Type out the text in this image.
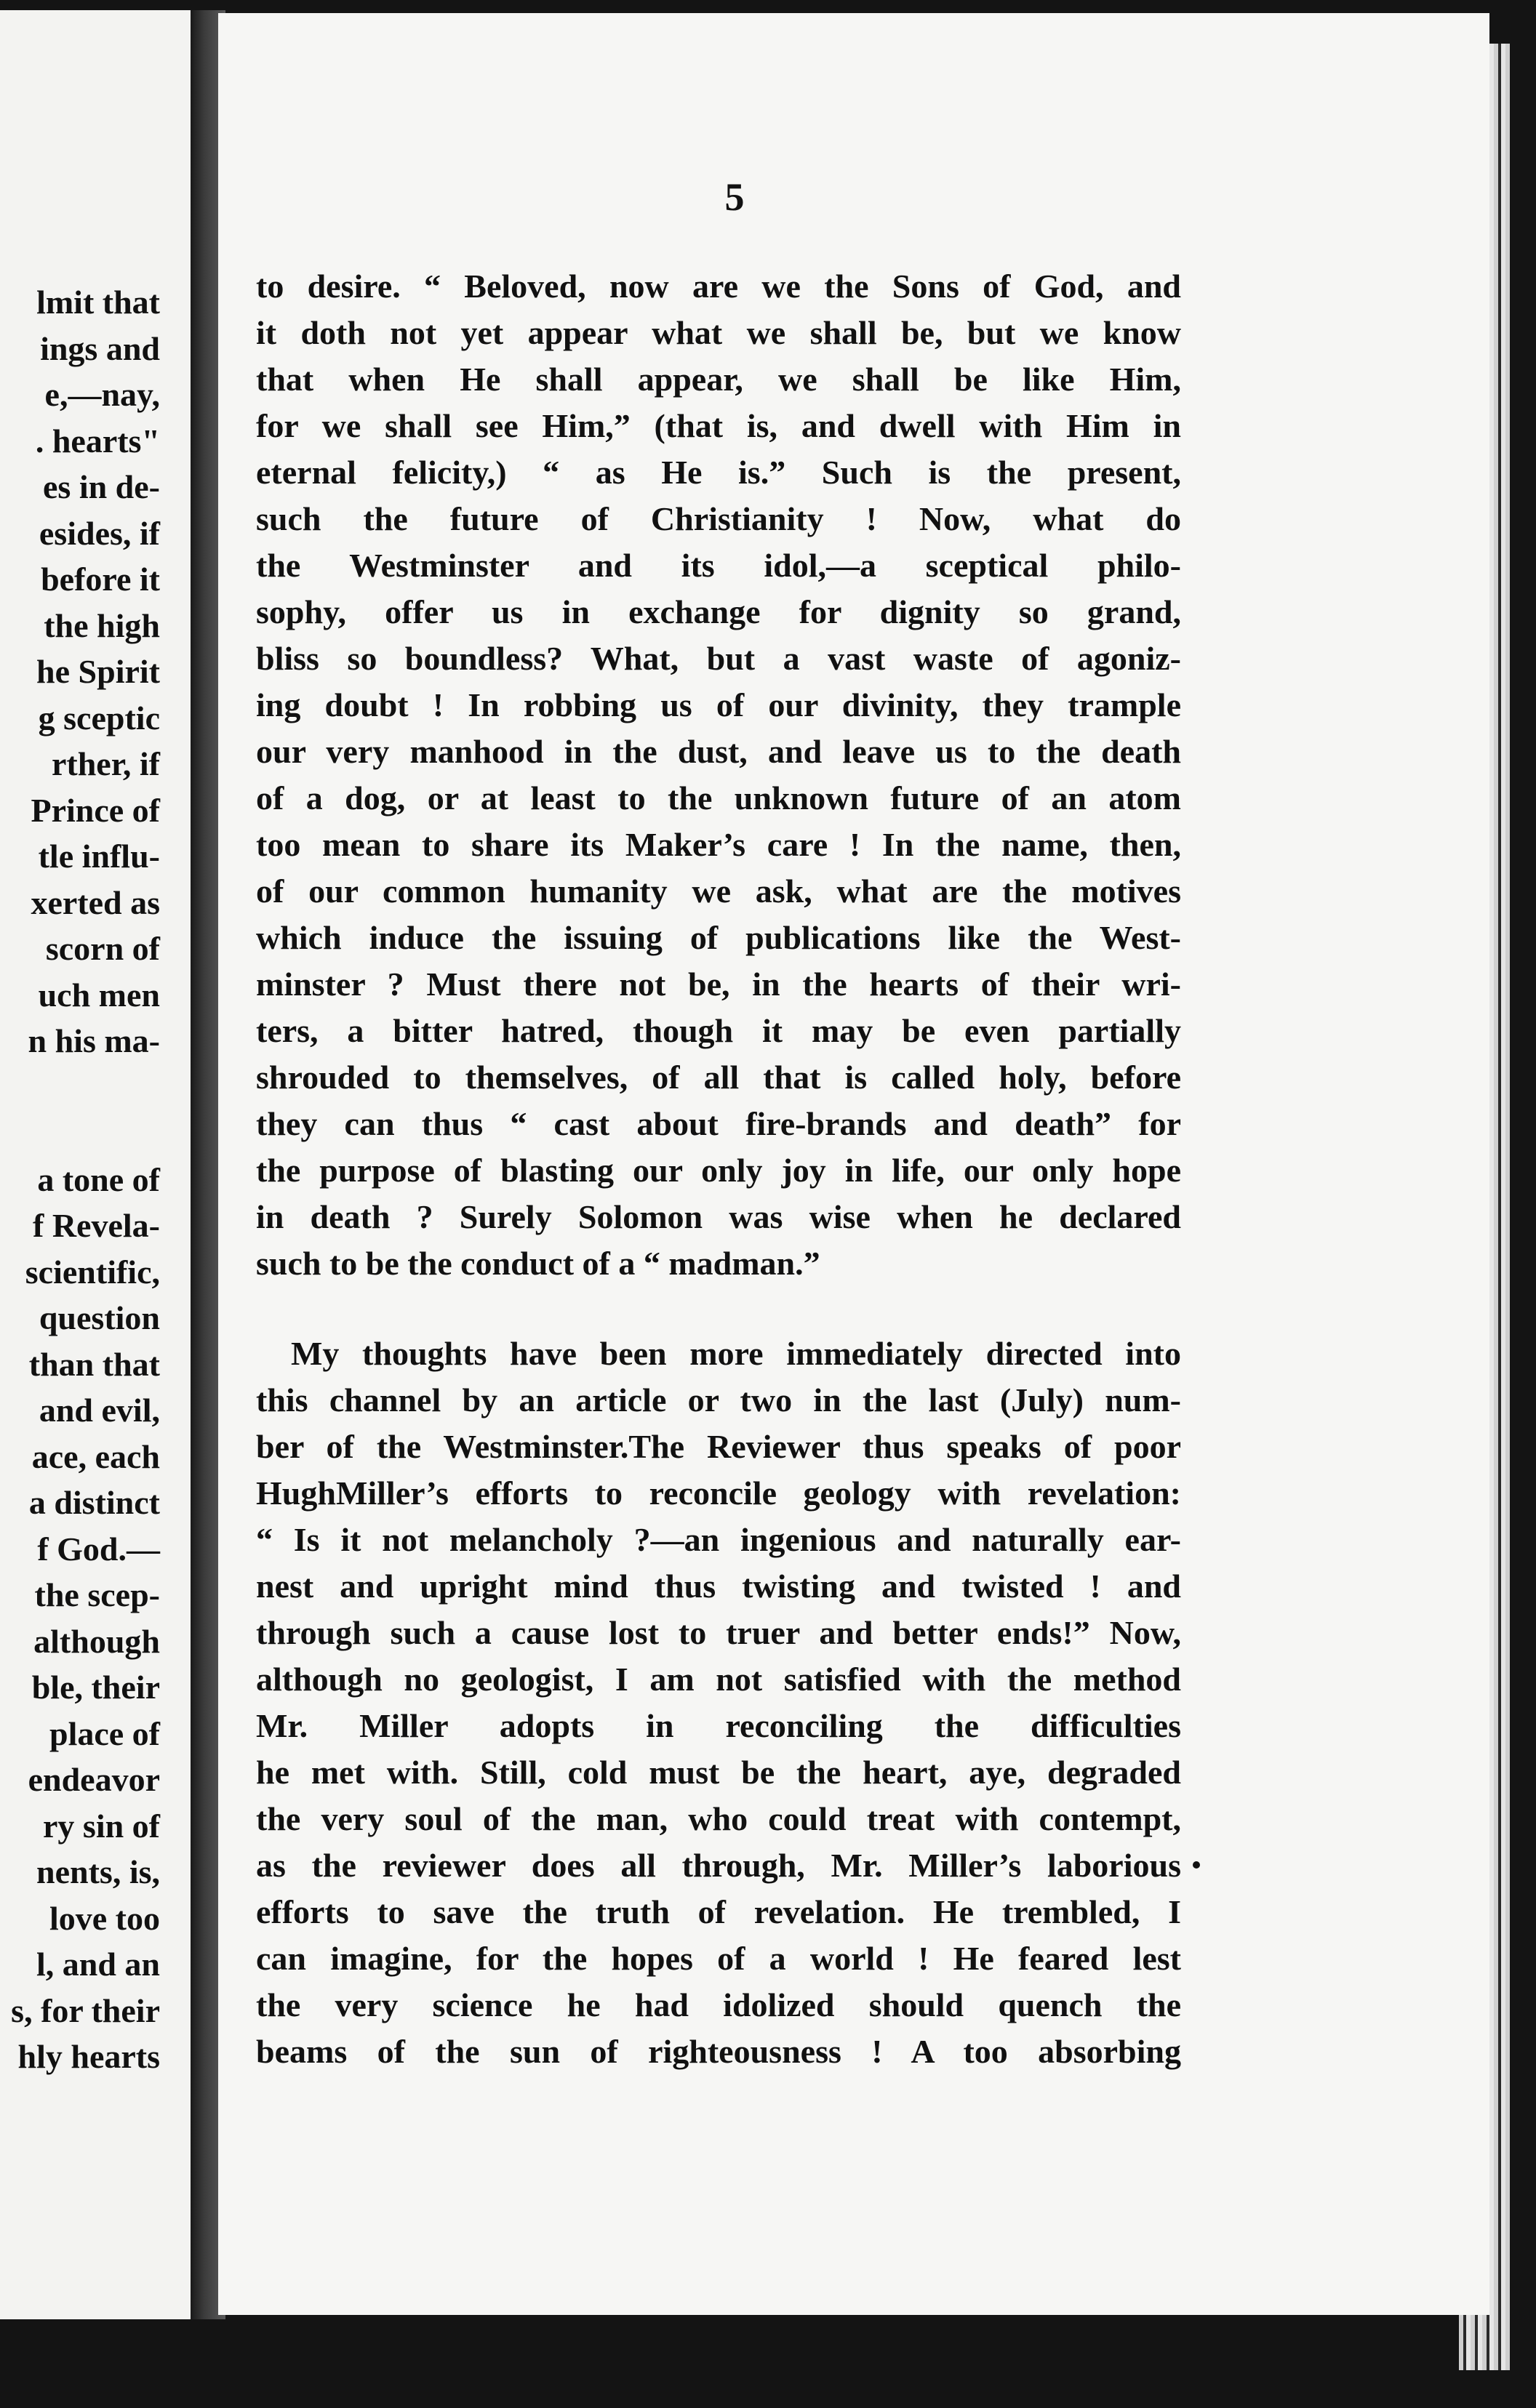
lmit that
ings and
e,—nay,
. hearts"
es in de-
esides, if
before it
the high
he Spirit
g sceptic
rther, if
Prince of
tle influ-
xerted as
scorn of
uch men
n his ma-
a tone of
f Revela-
scientific,
question
than that
and evil,
ace, each
a distinct
f God.—
the scep-
although
ble, their
place of
endeavor
ry sin of
nents, is,
love too
l, and an
s, for their
hly hearts
5
to desire. “ Beloved, now are we the Sons of God, and
it doth not yet appear what we shall be, but we know
that when He shall appear, we shall be like Him,
for we shall see Him,” (that is, and dwell with Him in
eternal felicity,) “ as He is.” Such is the present,
such the future of Christianity ! Now, what do
the Westminster and its idol,—a sceptical philo-
sophy, offer us in exchange for dignity so grand,
bliss so boundless? What, but a vast waste of agoniz-
ing doubt ! In robbing us of our divinity, they trample
our very manhood in the dust, and leave us to the death
of a dog, or at least to the unknown future of an atom
too mean to share its Maker’s care ! In the name, then,
of our common humanity we ask, what are the motives
which induce the issuing of publications like the West-
minster ? Must there not be, in the hearts of their wri-
ters, a bitter hatred, though it may be even partially
shrouded to themselves, of all that is called holy, before
they can thus “ cast about fire-brands and death” for
the purpose of blasting our only joy in life, our only hope
in death ? Surely Solomon was wise when he declared
such to be the conduct of a “ madman.”
My thoughts have been more immediately directed into
this channel by an article or two in the last (July) num-
ber of the Westminster.The Reviewer thus speaks of poor
HughMiller’s efforts to reconcile geology with revelation:
“ Is it not melancholy ?—an ingenious and naturally ear-
nest and upright mind thus twisting and twisted ! and
through such a cause lost to truer and better ends!” Now,
although no geologist, I am not satisfied with the method
Mr. Miller adopts in reconciling the difficulties
he met with. Still, cold must be the heart, aye, degraded
the very soul of the man, who could treat with contempt,
as the reviewer does all through, Mr. Miller’s laborious
efforts to save the truth of revelation. He trembled, I
can imagine, for the hopes of a world ! He feared lest
the very science he had idolized should quench the
beams of the sun of righteousness ! A too absorbing
